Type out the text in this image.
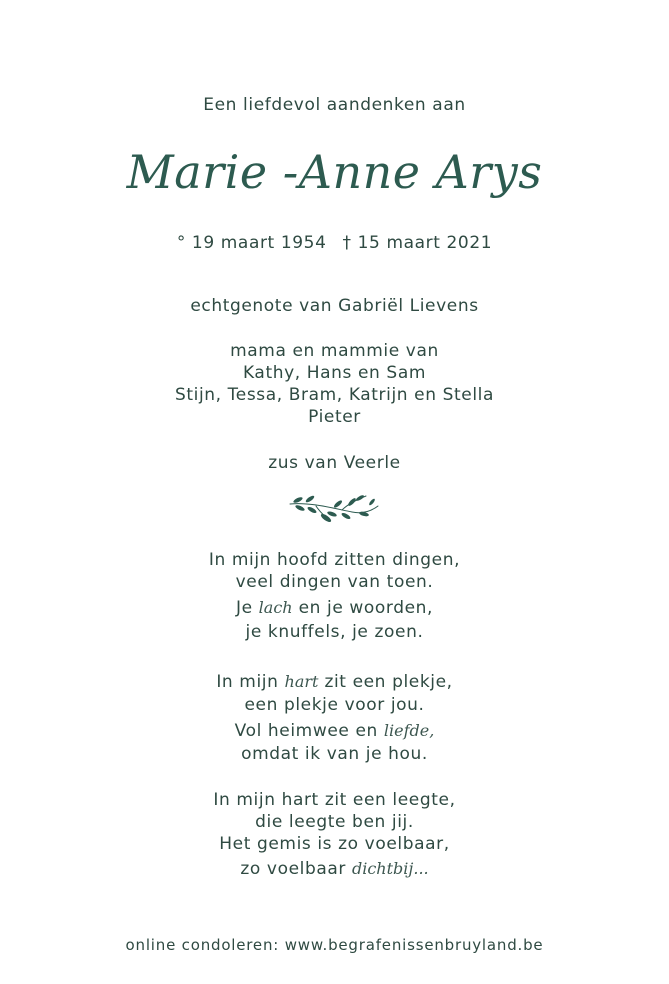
Een liefdevol aandenken aan
Marie -Anne Arys
° 19 maart 1954 † 15 maart 2021
echtgenote van Gabriël Lievens
mama en mammie van
Kathy, Hans en Sam
Stijn, Tessa, Bram, Katrijn en Stella
Pieter
zus van Veerle
In mijn hoofd zitten dingen,
veel dingen van toen.
Je lach en je woorden,
je knuffels, je zoen.
In mijn hart zit een plekje,
een plekje voor jou.
Vol heimwee en liefde,
omdat ik van je hou.
In mijn hart zit een leegte,
die leegte ben jij.
Het gemis is zo voelbaar,
zo voelbaar dichtbij...
online condoleren: www.begrafenissenbruyland.be
